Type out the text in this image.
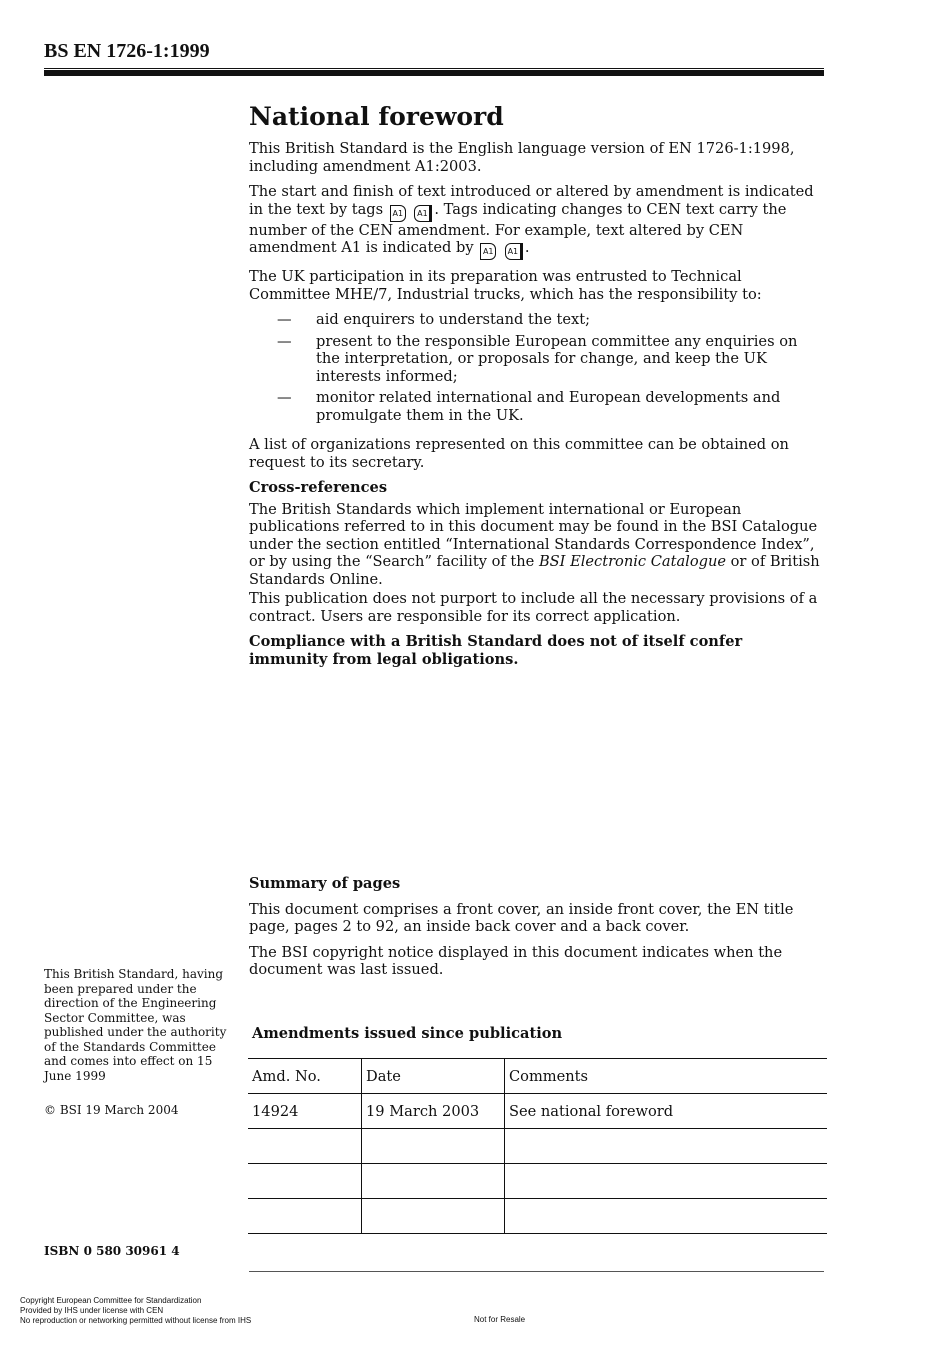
BS EN 1726-1:1999
National foreword

This British Standard is the English language version of EN 1726-1:1998, including amendment A1:2003.

The start and finish of text introduced or altered by amendment is indicated in the text by tags A1 A1 . Tags indicating changes to CEN text carry the number of the CEN amendment. For example, text altered by CEN amendment A1 is indicated by A1 A1 .

The UK participation in its preparation was entrusted to Technical Committee MHE/7, Industrial trucks, which has the responsibility to:

— aid enquirers to understand the text;
— present to the responsible European committee any enquiries on the interpretation, or proposals for change, and keep the UK interests informed;
— monitor related international and European developments and promulgate them in the UK.

A list of organizations represented on this committee can be obtained on request to its secretary.

Cross-references

The British Standards which implement international or European publications referred to in this document may be found in the BSI Catalogue under the section entitled “International Standards Correspondence Index”, or by using the “Search” facility of the BSI Electronic Catalogue or of British Standards Online.

This publication does not purport to include all the necessary provisions of a contract. Users are responsible for its correct application.

Compliance with a British Standard does not of itself confer immunity from legal obligations.

Summary of pages

This document comprises a front cover, an inside front cover, the EN title page, pages 2 to 92, an inside back cover and a back cover.

The BSI copyright notice displayed in this document indicates when the document was last issued.

This British Standard, having been prepared under the direction of the Engineering Sector Committee, was published under the authority of the Standards Committee and comes into effect on 15 June 1999
© BSI 19 March 2004
ISBN 0 580 30961 4
Amendments issued since publication
Amd. No.	Date	Comments
14924	19 March 2003	See national foreword

Copyright European Committee for Standardization
Provided by IHS under license with CEN
No reproduction or networking permitted without license from IHS	Not for Resale
